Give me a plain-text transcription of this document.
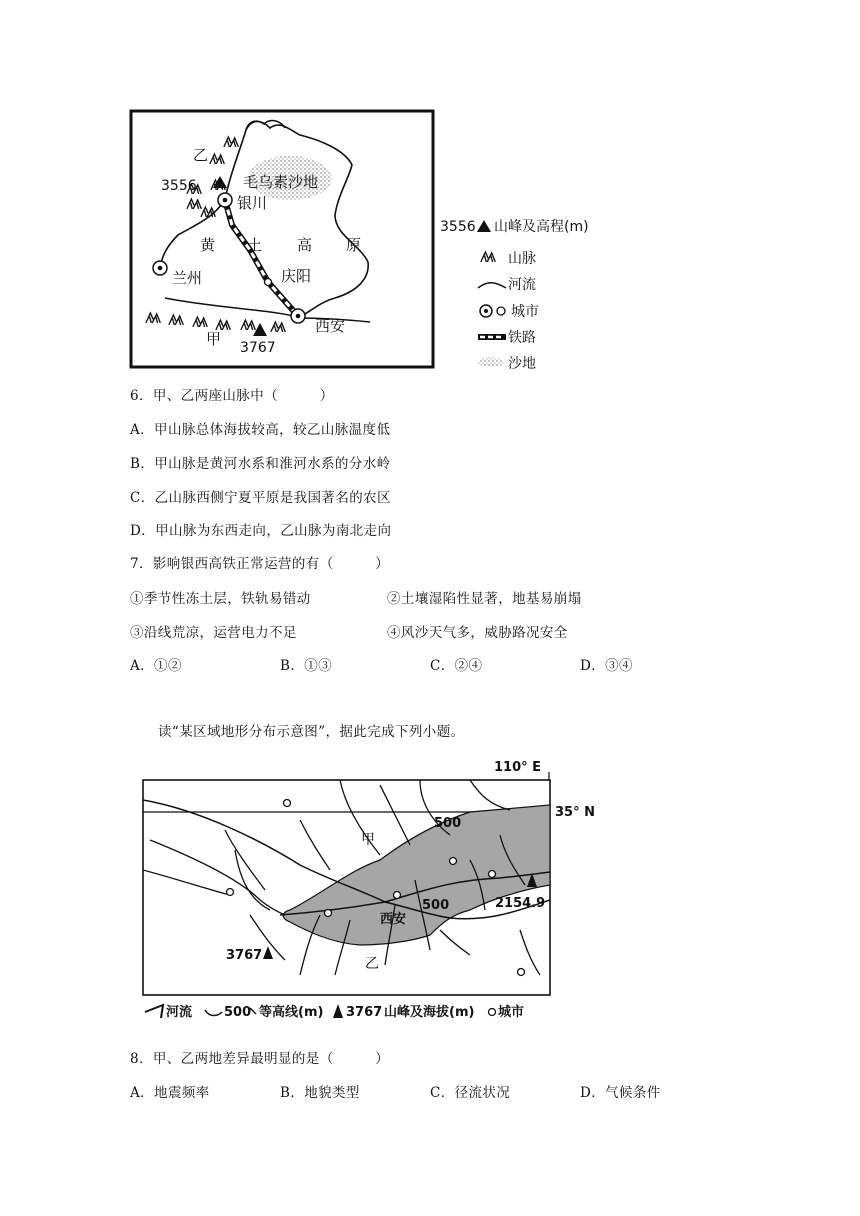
乙
3556	毛乌素沙地
银川
黄 土 高 原
兰州	庆阳
西安
甲 3767
3556 山峰及高程(m)
山脉
河流
城市
铁路
沙地
6．甲、乙两座山脉中（　　　）
A．甲山脉总体海拔较高，较乙山脉温度低
B．甲山脉是黄河水系和淮河水系的分水岭
C．乙山脉西侧宁夏平原是我国著名的农区
D．甲山脉为东西走向，乙山脉为南北走向
7．影响银西高铁正常运营的有（　　　）
①季节性冻土层，铁轨易错动	②土壤湿陷性显著，地基易崩塌
③沿线荒凉，运营电力不足	④风沙天气多，威胁路况安全
A．①②	B．①③	C．②④	D．③④
读“某区域地形分布示意图”，据此完成下列小题。
110° E
35° N
500
500
甲
西安
2154.9
3767
乙
河流 500 等高线(m) 3767 山峰及海拔(m) 城市
8．甲、乙两地差异最明显的是（　　　）
A．地震频率	B．地貌类型	C．径流状况	D．气候条件
